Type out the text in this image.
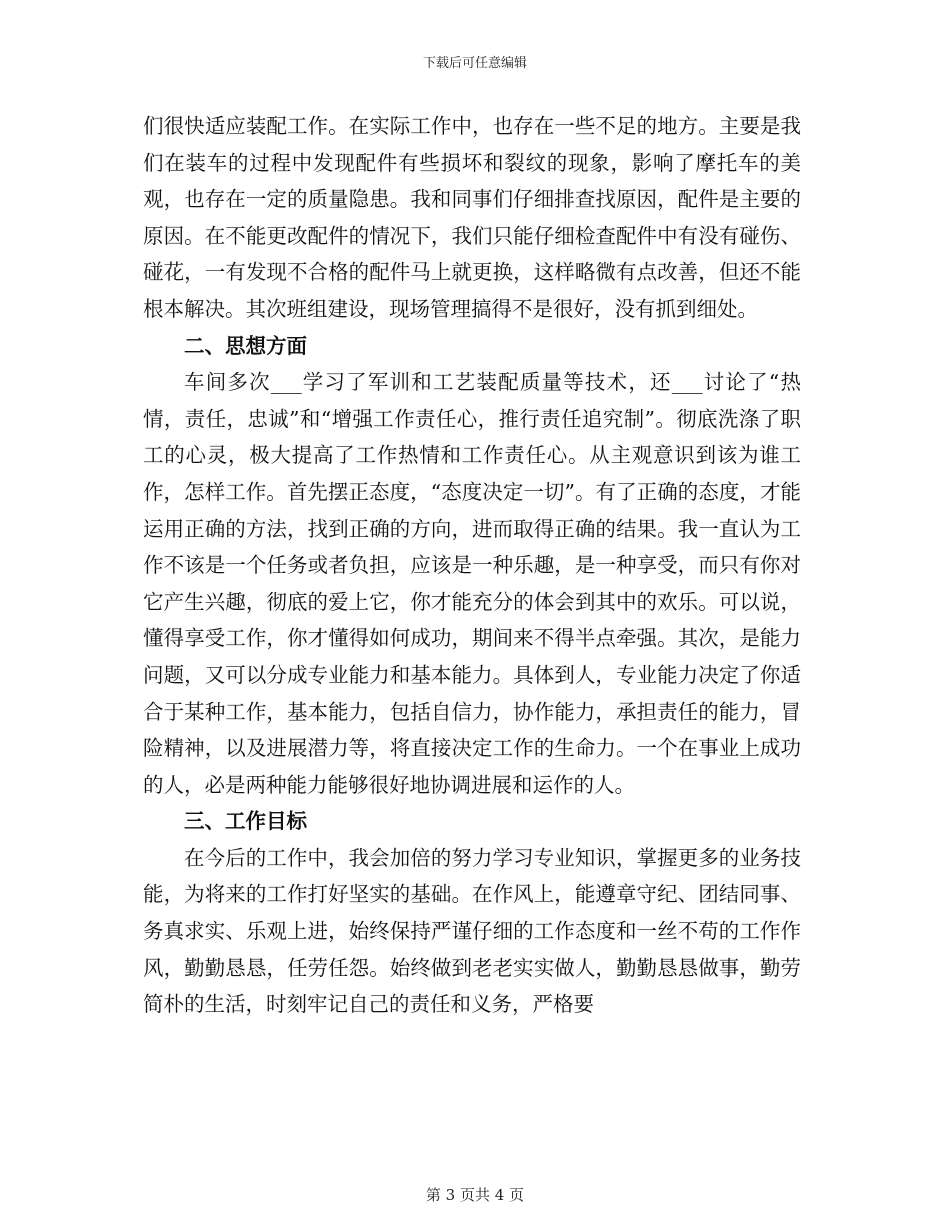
下载后可任意编辑

们很快适应装配工作。在实际工作中，也存在一些不足的地方。主要是我们在装车的过程中发现配件有些损坏和裂纹的现象，影响了摩托车的美观，也存在一定的质量隐患。我和同事们仔细排查找原因，配件是主要的原因。在不能更改配件的情况下，我们只能仔细检查配件中有没有碰伤、碰花，一有发现不合格的配件马上就更换，这样略微有点改善，但还不能根本解决。其次班组建设，现场管理搞得不是很好，没有抓到细处。

二、思想方面

车间多次___学习了军训和工艺装配质量等技术，还___讨论了“热情，责任，忠诚”和“增强工作责任心，推行责任追究制”。彻底洗涤了职工的心灵，极大提高了工作热情和工作责任心。从主观意识到该为谁工作，怎样工作。首先摆正态度，“态度决定一切”。有了正确的态度，才能运用正确的方法，找到正确的方向，进而取得正确的结果。我一直认为工作不该是一个任务或者负担，应该是一种乐趣，是一种享受，而只有你对它产生兴趣，彻底的爱上它，你才能充分的体会到其中的欢乐。可以说，懂得享受工作，你才懂得如何成功，期间来不得半点牵强。其次，是能力问题，又可以分成专业能力和基本能力。具体到人，专业能力决定了你适合于某种工作，基本能力，包括自信力，协作能力，承担责任的能力，冒险精神，以及进展潜力等，将直接决定工作的生命力。一个在事业上成功的人，必是两种能力能够很好地协调进展和运作的人。

三、工作目标

在今后的工作中，我会加倍的努力学习专业知识，掌握更多的业务技能，为将来的工作打好坚实的基础。在作风上，能遵章守纪、团结同事、务真求实、乐观上进，始终保持严谨仔细的工作态度和一丝不苟的工作作风，勤勤恳恳，任劳任怨。始终做到老老实实做人，勤勤恳恳做事，勤劳简朴的生活，时刻牢记自己的责任和义务，严格要

第 3 页共 4 页
